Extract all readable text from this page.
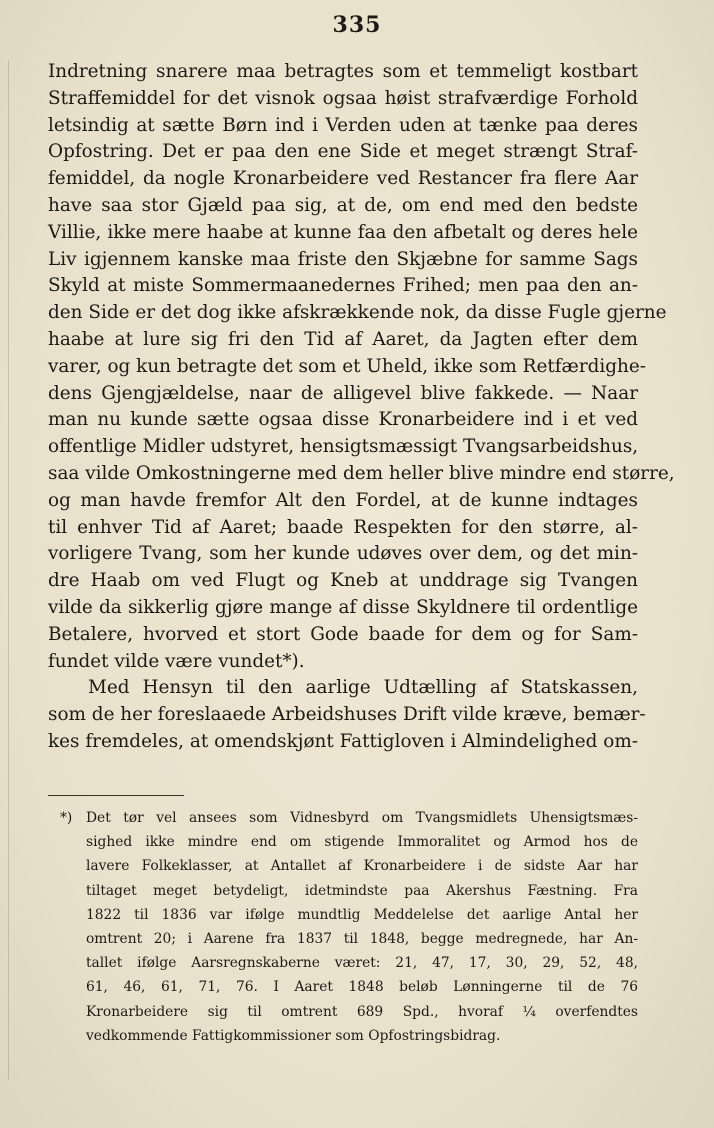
335
Indretning snarere maa betragtes som et temmeligt kostbart
Straffemiddel for det visnok ogsaa høist strafværdige Forhold
letsindig at sætte Børn ind i Verden uden at tænke paa deres
Opfostring. Det er paa den ene Side et meget strængt Straf-
femiddel, da nogle Kronarbeidere ved Restancer fra flere Aar
have saa stor Gjæld paa sig, at de, om end med den bedste
Villie, ikke mere haabe at kunne faa den afbetalt og deres hele
Liv igjennem kanske maa friste den Skjæbne for samme Sags
Skyld at miste Sommermaanedernes Frihed; men paa den an-
den Side er det dog ikke afskrækkende nok, da disse Fugle gjerne
haabe at lure sig fri den Tid af Aaret, da Jagten efter dem
varer, og kun betragte det som et Uheld, ikke som Retfærdighe-
dens Gjengjældelse, naar de alligevel blive fakkede. — Naar
man nu kunde sætte ogsaa disse Kronarbeidere ind i et ved
offentlige Midler udstyret, hensigtsmæssigt Tvangsarbeidshus,
saa vilde Omkostningerne med dem heller blive mindre end større,
og man havde fremfor Alt den Fordel, at de kunne indtages
til enhver Tid af Aaret; baade Respekten for den større, al-
vorligere Tvang, som her kunde udøves over dem, og det min-
dre Haab om ved Flugt og Kneb at unddrage sig Tvangen
vilde da sikkerlig gjøre mange af disse Skyldnere til ordentlige
Betalere, hvorved et stort Gode baade for dem og for Sam-
fundet vilde være vundet*).
Med Hensyn til den aarlige Udtælling af Statskassen,
som de her foreslaaede Arbeidshuses Drift vilde kræve, bemær-
kes fremdeles, at omendskjønt Fattigloven i Almindelighed om-
*) Det tør vel ansees som Vidnesbyrd om Tvangsmidlets Uhensigtsmæs-
sighed ikke mindre end om stigende Immoralitet og Armod hos de
lavere Folkeklasser, at Antallet af Kronarbeidere i de sidste Aar har
tiltaget meget betydeligt, idetmindste paa Akershus Fæstning. Fra
1822 til 1836 var ifølge mundtlig Meddelelse det aarlige Antal her
omtrent 20; i Aarene fra 1837 til 1848, begge medregnede, har An-
tallet ifølge Aarsregnskaberne været: 21, 47, 17, 30, 29, 52, 48,
61, 46, 61, 71, 76. I Aaret 1848 beløb Lønningerne til de 76
Kronarbeidere sig til omtrent 689 Spd., hvoraf ¼ overfendtes
vedkommende Fattigkommissioner som Opfostringsbidrag.
